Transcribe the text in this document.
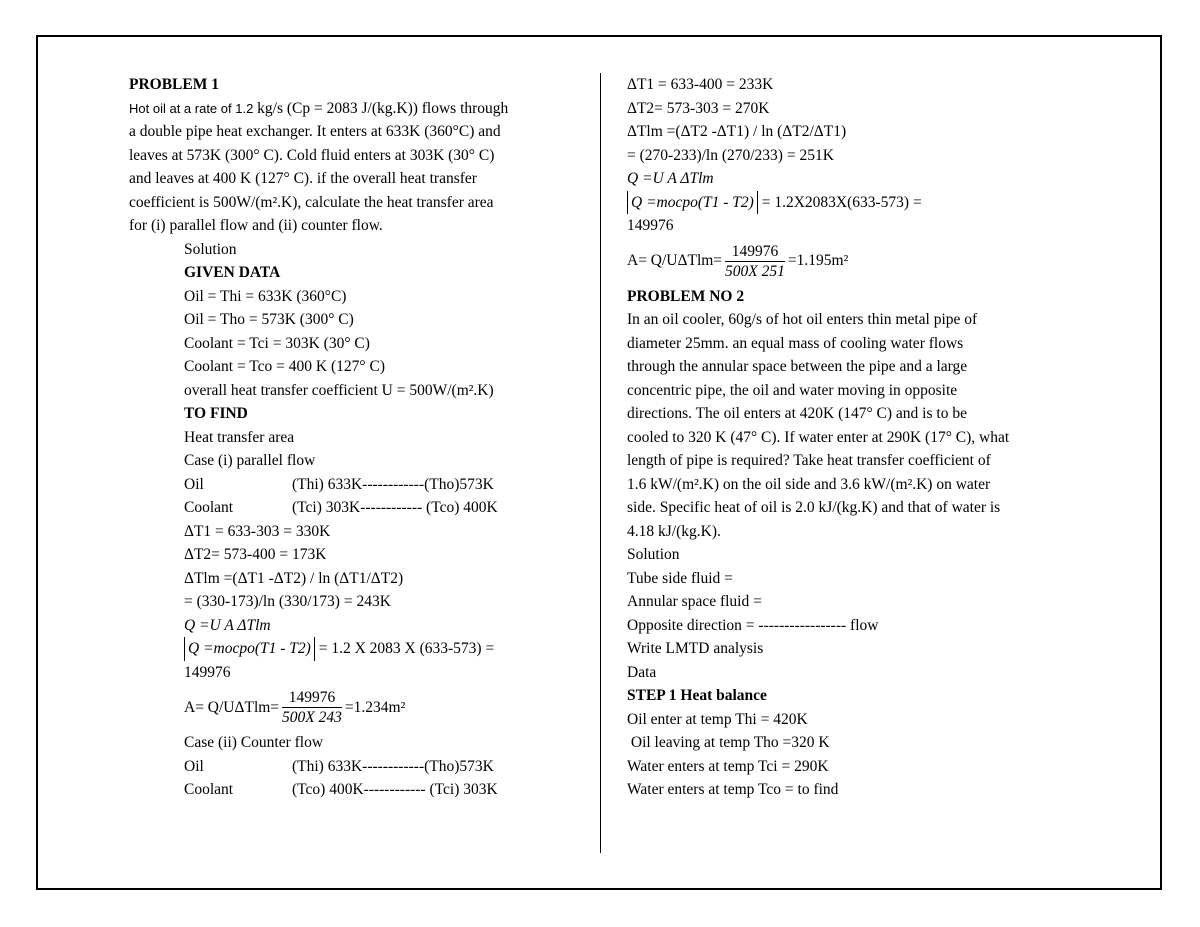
PROBLEM 1
Hot oil at a rate of 1.2 kg/s (Cp = 2083 J/(kg.K)) flows through
a double pipe heat exchanger. It enters at 633K (360°C) and
leaves at 573K (300° C). Cold fluid enters at 303K (30° C)
and leaves at 400 K (127° C). if the overall heat transfer
coefficient is 500W/(m².K), calculate the heat transfer area
for (i) parallel flow and (ii) counter flow.
Solution
GIVEN DATA
Oil = Thi = 633K (360°C)
Oil = Tho = 573K (300° C)
Coolant = Tci = 303K (30° C)
Coolant = Tco = 400 K (127° C)
overall heat transfer coefficient U = 500W/(m².K)
TO FIND
Heat transfer area
Case (i) parallel flow
Oil	(Thi) 633K------------(Tho)573K
Coolant	(Tci) 303K------------ (Tco) 400K
ΔT1 = 633-303 = 330K
ΔT2= 573-400 = 173K
ΔTlm =(ΔT1 -ΔT2) / ln (ΔT1/ΔT2)
= (330-173)/ln (330/173) = 243K
Q =U A ΔTlm
Q =mocpo(T1 - T2) = 1.2 X 2083 X (633-573) =
149976
$A= Q/U\Delta Tlm= \frac{149976}{500X 243} =1.234m^2$
Case (ii) Counter flow
Oil	(Thi) 633K------------(Tho)573K
Coolant	(Tco) 400K------------ (Tci) 303K
ΔT1 = 633-400 = 233K
ΔT2= 573-303 = 270K
ΔTlm =(ΔT2 -ΔT1) / ln (ΔT2/ΔT1)
= (270-233)/ln (270/233) = 251K
Q =U A ΔTlm
Q =mocpo(T1 - T2) = 1.2X2083X(633-573) =
149976
$A= Q/U\Delta Tlm= \frac{149976}{500X 251} =1.195m^2$
PROBLEM NO 2
In an oil cooler, 60g/s of hot oil enters thin metal pipe of
diameter 25mm. an equal mass of cooling water flows
through the annular space between the pipe and a large
concentric pipe, the oil and water moving in opposite
directions. The oil enters at 420K (147° C) and is to be
cooled to 320 K (47° C). If water enter at 290K (17° C), what
length of pipe is required? Take heat transfer coefficient of
1.6 kW/(m².K) on the oil side and 3.6 kW/(m².K) on water
side. Specific heat of oil is 2.0 kJ/(kg.K) and that of water is
4.18 kJ/(kg.K).
Solution
Tube side fluid =
Annular space fluid =
Opposite direction = ----------------- flow
Write LMTD analysis
Data
STEP 1 Heat balance
Oil enter at temp Thi = 420K
Oil leaving at temp Tho =320 K
Water enters at temp Tci = 290K
Water enters at temp Tco = to find
